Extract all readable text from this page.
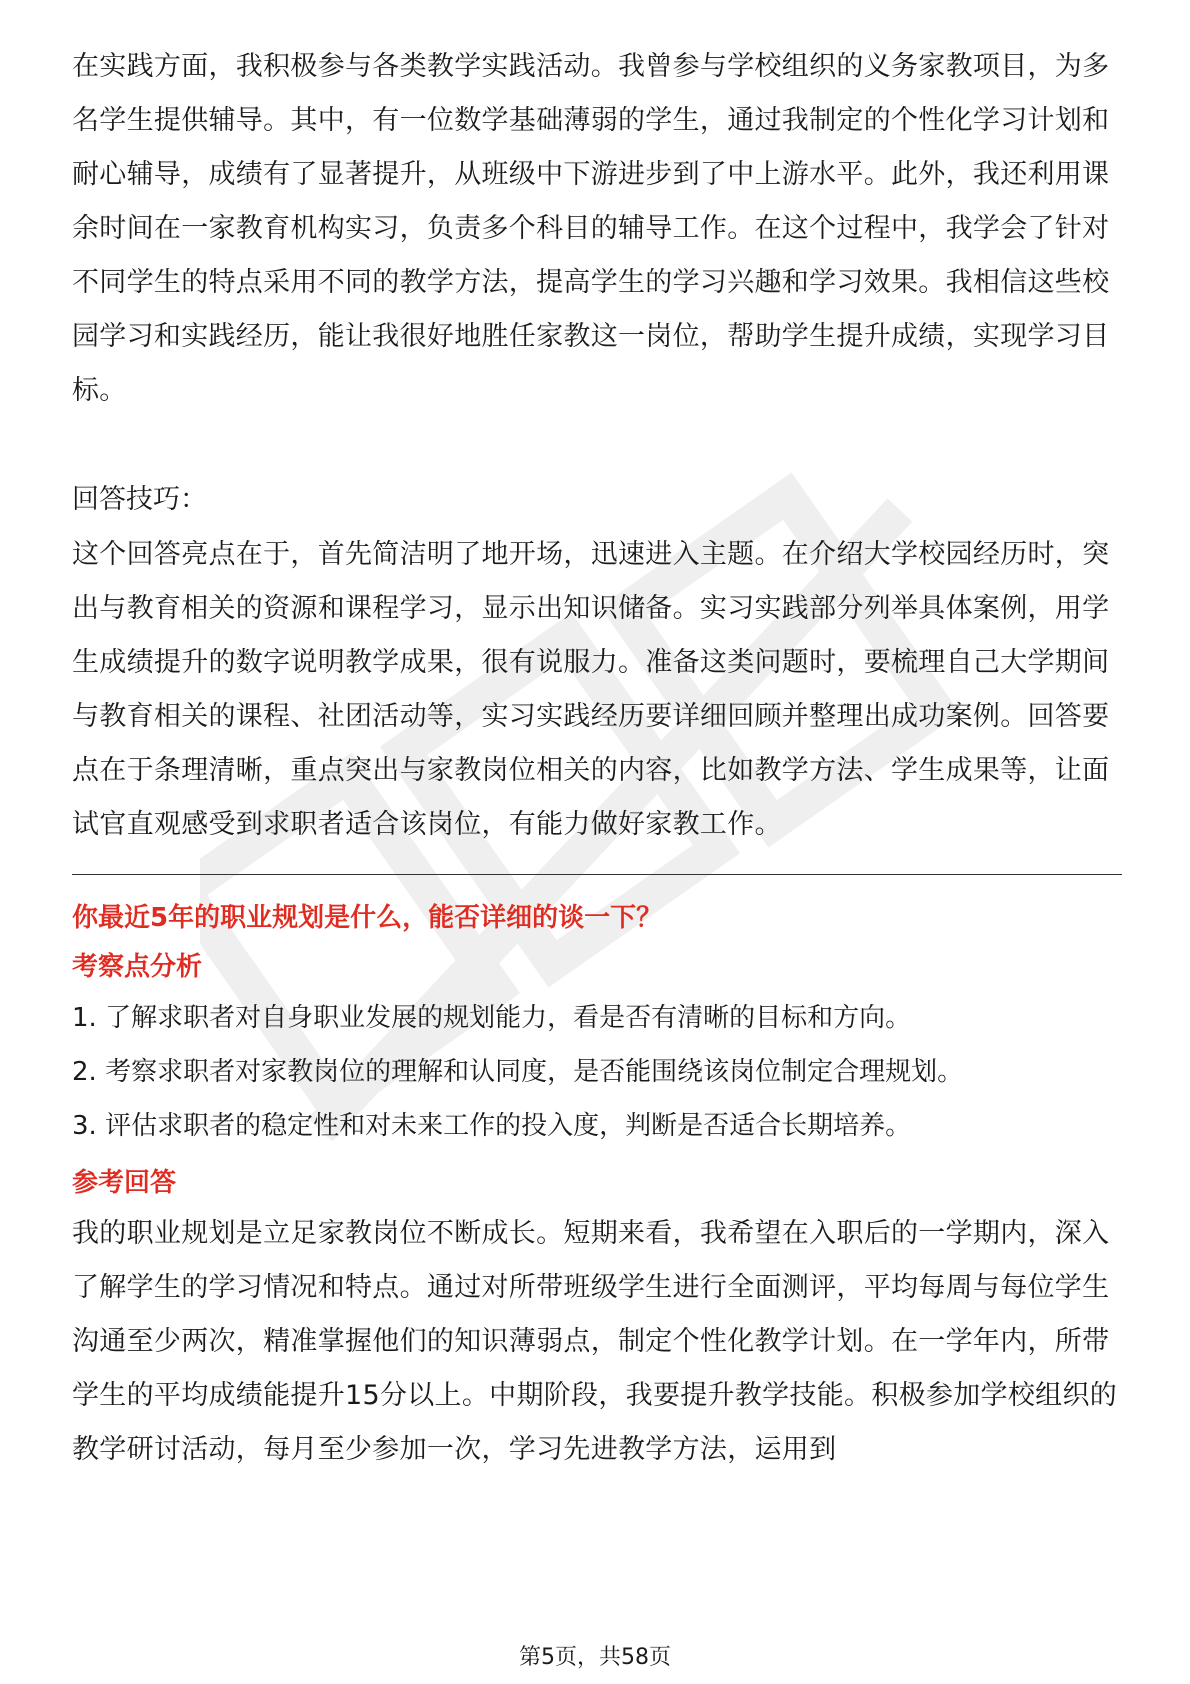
在实践方面，我积极参与各类教学实践活动。我曾参与学校组织的义务家教项目，为多名学生提供辅导。其中，有一位数学基础薄弱的学生，通过我制定的个性化学习计划和耐心辅导，成绩有了显著提升，从班级中下游进步到了中上游水平。此外，我还利用课余时间在一家教育机构实习，负责多个科目的辅导工作。在这个过程中，我学会了针对不同学生的特点采用不同的教学方法，提高学生的学习兴趣和学习效果。我相信这些校园学习和实践经历，能让我很好地胜任家教这一岗位，帮助学生提升成绩，实现学习目标。

回答技巧：

这个回答亮点在于，首先简洁明了地开场，迅速进入主题。在介绍大学校园经历时，突出与教育相关的资源和课程学习，显示出知识储备。实习实践部分列举具体案例，用学生成绩提升的数字说明教学成果，很有说服力。准备这类问题时，要梳理自己大学期间与教育相关的课程、社团活动等，实习实践经历要详细回顾并整理出成功案例。回答要点在于条理清晰，重点突出与家教岗位相关的内容，比如教学方法、学生成果等，让面试官直观感受到求职者适合该岗位，有能力做好家教工作。

你最近5年的职业规划是什么，能否详细的谈一下？

考察点分析

1. 了解求职者对自身职业发展的规划能力，看是否有清晰的目标和方向。
2. 考察求职者对家教岗位的理解和认同度，是否能围绕该岗位制定合理规划。
3. 评估求职者的稳定性和对未来工作的投入度，判断是否适合长期培养。

参考回答

我的职业规划是立足家教岗位不断成长。短期来看，我希望在入职后的一学期内，深入了解学生的学习情况和特点。通过对所带班级学生进行全面测评，平均每周与每位学生沟通至少两次，精准掌握他们的知识薄弱点，制定个性化教学计划。在一学年内，所带学生的平均成绩能提升15分以上。中期阶段，我要提升教学技能。积极参加学校组织的教学研讨活动，每月至少参加一次，学习先进教学方法，运用到

第5页，共58页
